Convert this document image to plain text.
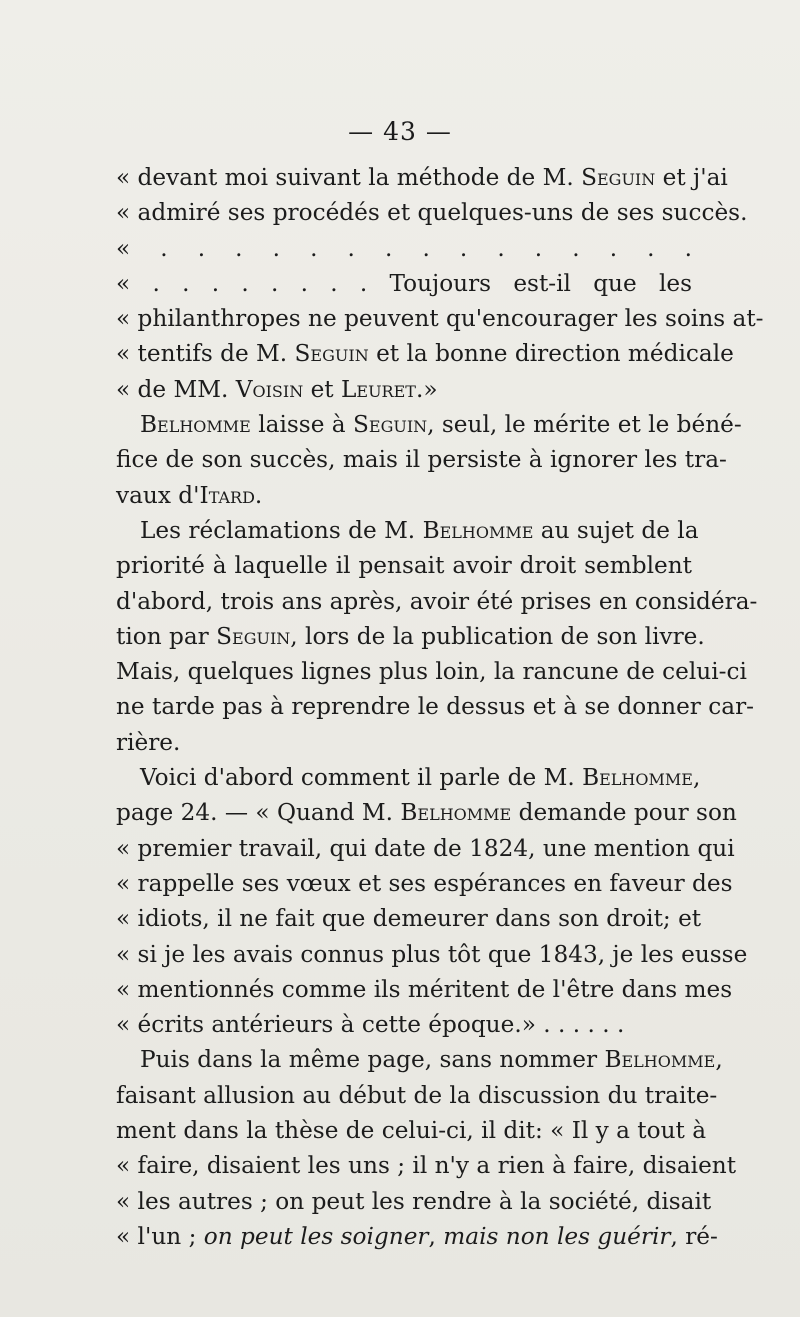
— 43 —
« devant moi suivant la méthode de M. Seguin et j'ai
« admiré ses procédés et quelques-uns de ses succès.
« . . . . . . . . . . . . . . .
« . . . . . . . . Toujours est-il que les
« philanthropes ne peuvent qu'encourager les soins at-
« tentifs de M. Seguin et la bonne direction médicale
« de MM. Voisin et Leuret.»
Belhomme laisse à Seguin, seul, le mérite et le béné-
fice de son succès, mais il persiste à ignorer les tra-
vaux d'Itard.
Les réclamations de M. Belhomme au sujet de la
priorité à laquelle il pensait avoir droit semblent
d'abord, trois ans après, avoir été prises en considéra-
tion par Seguin, lors de la publication de son livre.
Mais, quelques lignes plus loin, la rancune de celui-ci
ne tarde pas à reprendre le dessus et à se donner car-
rière.
Voici d'abord comment il parle de M. Belhomme,
page 24. — « Quand M. Belhomme demande pour son
« premier travail, qui date de 1824, une mention qui
« rappelle ses vœux et ses espérances en faveur des
« idiots, il ne fait que demeurer dans son droit; et
« si je les avais connus plus tôt que 1843, je les eusse
« mentionnés comme ils méritent de l'être dans mes
« écrits antérieurs à cette époque.» . . . . . .
Puis dans la même page, sans nommer Belhomme,
faisant allusion au début de la discussion du traite-
ment dans la thèse de celui-ci, il dit: « Il y a tout à
« faire, disaient les uns ; il n'y a rien à faire, disaient
« les autres ; on peut les rendre à la société, disait
« l'un ; on peut les soigner, mais non les guérir, ré-
